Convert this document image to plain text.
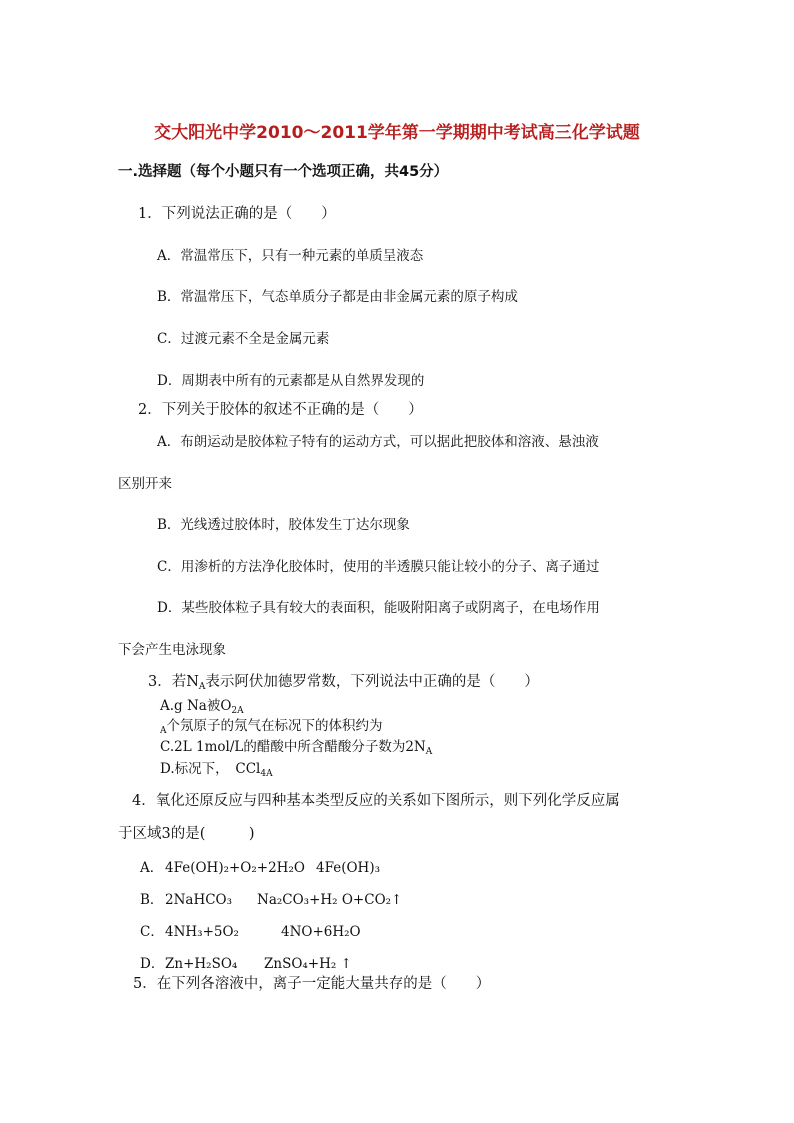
交大阳光中学2010～2011学年第一学期期中考试高三化学试题
一.选择题（每个小题只有一个选项正确，共45分）
1．下列说法正确的是（　　）
A．常温常压下，只有一种元素的单质呈液态
B．常温常压下，气态单质分子都是由非金属元素的原子构成
C．过渡元素不全是金属元素
D．周期表中所有的元素都是从自然界发现的
2．下列关于胶体的叙述不正确的是（　　）
A．布朗运动是胶体粒子特有的运动方式，可以据此把胶体和溶液、悬浊液
区别开来
B．光线透过胶体时，胶体发生丁达尔现象
C．用渗析的方法净化胶体时，使用的半透膜只能让较小的分子、离子通过
D．某些胶体粒子具有较大的表面积，能吸附阳离子或阴离子，在电场作用
下会产生电泳现象
3．若$N_A$表示阿伏加德罗常数，下列说法中正确的是（　　）
A.g Na被$O_{2A}$
$_A$个氖原子的氖气在标况下的体积约为
C.2L 1mol/L的醋酸中所含醋酸分子数为$2N_A$
D.标况下，　CCl$_{4A}$
4．氧化还原反应与四种基本类型反应的关系如下图所示，则下列化学反应属
于区域3的是(　　　)
A． 4Fe(OH)₂+O₂+2H₂O 4Fe(OH)₃
B． 2NaHCO₃ Na₂CO₃+H₂ O+CO₂↑
C． 4NH₃+5O₂	4NO+6H₂O
D． Zn+H₂SO₄ ZnSO₄+H₂ ↑
5．在下列各溶液中，离子一定能大量共存的是（　　）
